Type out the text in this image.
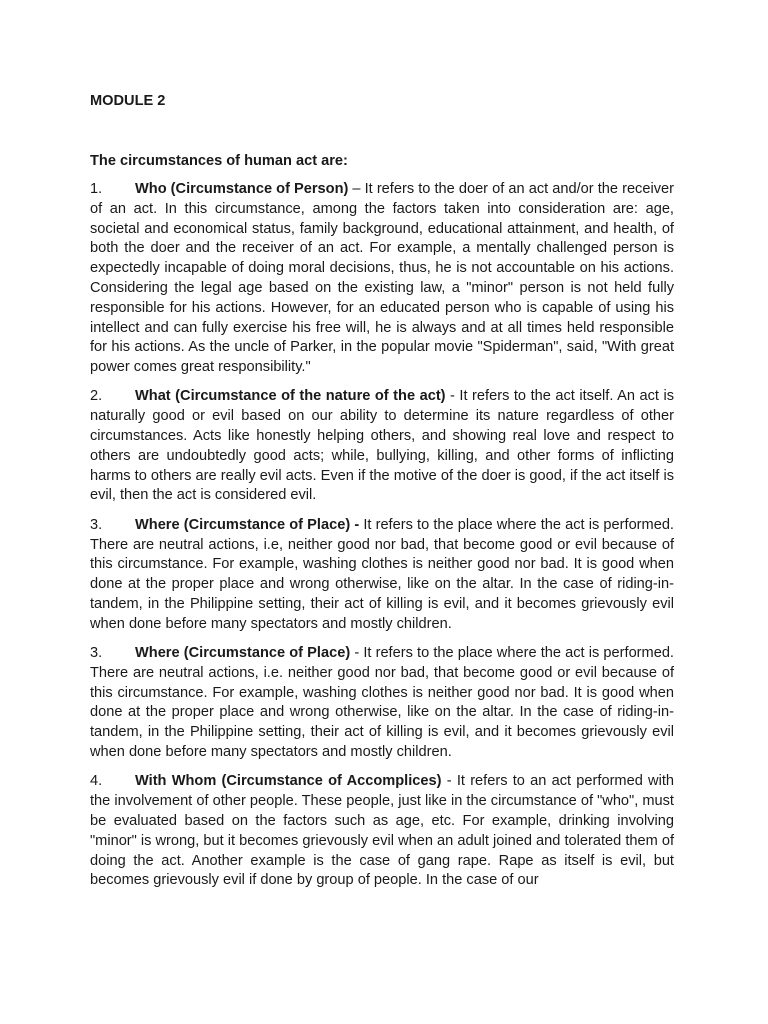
MODULE 2

The circumstances of human act are:

1. Who (Circumstance of Person) – It refers to the doer of an act and/or the receiver of an act. In this circumstance, among the factors taken into consideration are: age, societal and economical status, family background, educational attainment, and health, of both the doer and the receiver of an act. For example, a mentally challenged person is expectedly incapable of doing moral decisions, thus, he is not accountable on his actions. Considering the legal age based on the existing law, a "minor" person is not held fully responsible for his actions. However, for an educated person who is capable of using his intellect and can fully exercise his free will, he is always and at all times held responsible for his actions. As the uncle of Parker, in the popular movie "Spiderman", said, "With great power comes great responsibility."

2. What (Circumstance of the nature of the act) - It refers to the act itself. An act is naturally good or evil based on our ability to determine its nature regardless of other circumstances. Acts like honestly helping others, and showing real love and respect to others are undoubtedly good acts; while, bullying, killing, and other forms of inflicting harms to others are really evil acts. Even if the motive of the doer is good, if the act itself is evil, then the act is considered evil.

3. Where (Circumstance of Place) - It refers to the place where the act is performed. There are neutral actions, i.e, neither good nor bad, that become good or evil because of this circumstance. For example, washing clothes is neither good nor bad. It is good when done at the proper place and wrong otherwise, like on the altar. In the case of riding-in-tandem, in the Philippine setting, their act of killing is evil, and it becomes grievously evil when done before many spectators and mostly children.

3. Where (Circumstance of Place) - It refers to the place where the act is performed. There are neutral actions, i.e. neither good nor bad, that become good or evil because of this circumstance. For example, washing clothes is neither good nor bad. It is good when done at the proper place and wrong otherwise, like on the altar. In the case of riding-in-tandem, in the Philippine setting, their act of killing is evil, and it becomes grievously evil when done before many spectators and mostly children.

4. With Whom (Circumstance of Accomplices) - It refers to an act performed with the involvement of other people. These people, just like in the circumstance of "who", must be evaluated based on the factors such as age, etc. For example, drinking involving "minor" is wrong, but it becomes grievously evil when an adult joined and tolerated them of doing the act. Another example is the case of gang rape. Rape as itself is evil, but becomes grievously evil if done by group of people. In the case of our
